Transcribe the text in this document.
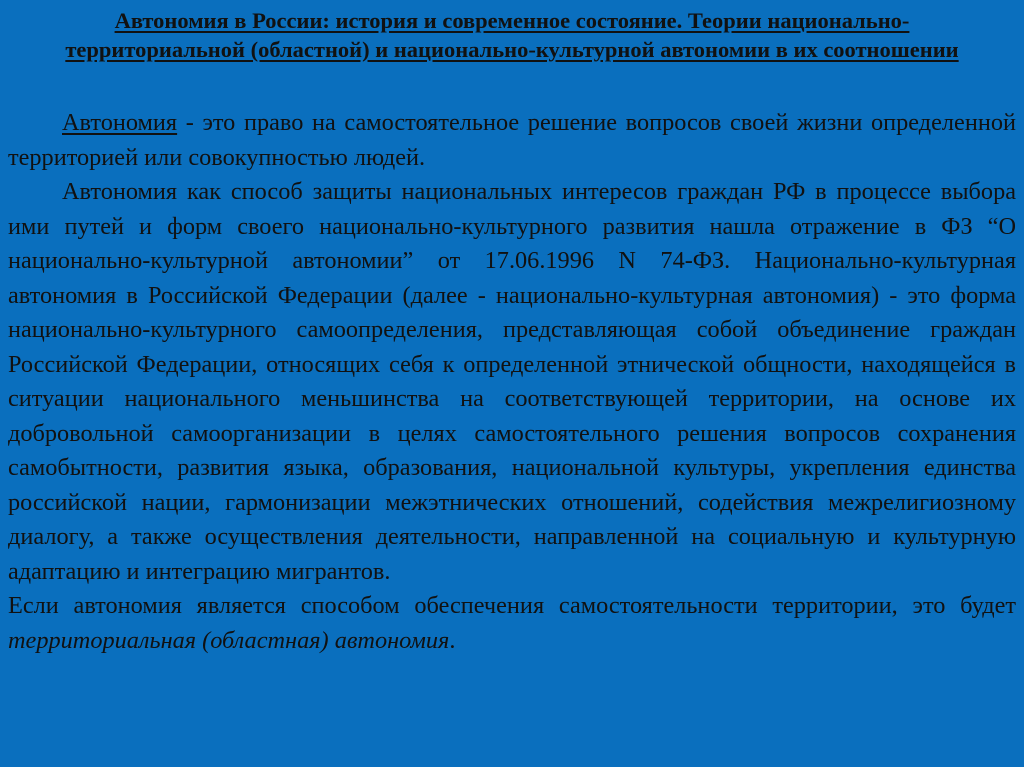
Автономия в России: история и современное состояние. Теории национально-территориальной (областной) и национально-культурной автономии в их соотношении

Автономия - это право на самостоятельное решение вопросов своей жизни определенной территорией или совокупностью людей.

Автономия как способ защиты национальных интересов граждан РФ в процессе выбора ими путей и форм своего национально-культурного развития нашла отражение в ФЗ “О национально-культурной автономии” от 17.06.1996 N 74-ФЗ. Национально-культурная автономия в Российской Федерации (далее - национально-культурная автономия) - это форма национально-культурного самоопределения, представляющая собой объединение граждан Российской Федерации, относящих себя к определенной этнической общности, находящейся в ситуации национального меньшинства на соответствующей территории, на основе их добровольной самоорганизации в целях самостоятельного решения вопросов сохранения самобытности, развития языка, образования, национальной культуры, укрепления единства российской нации, гармонизации межэтнических отношений, содействия межрелигиозному диалогу, а также осуществления деятельности, направленной на социальную и культурную адаптацию и интеграцию мигрантов.

Если автономия является способом обеспечения самостоятельности территории, это будет территориальная (областная) автономия.
